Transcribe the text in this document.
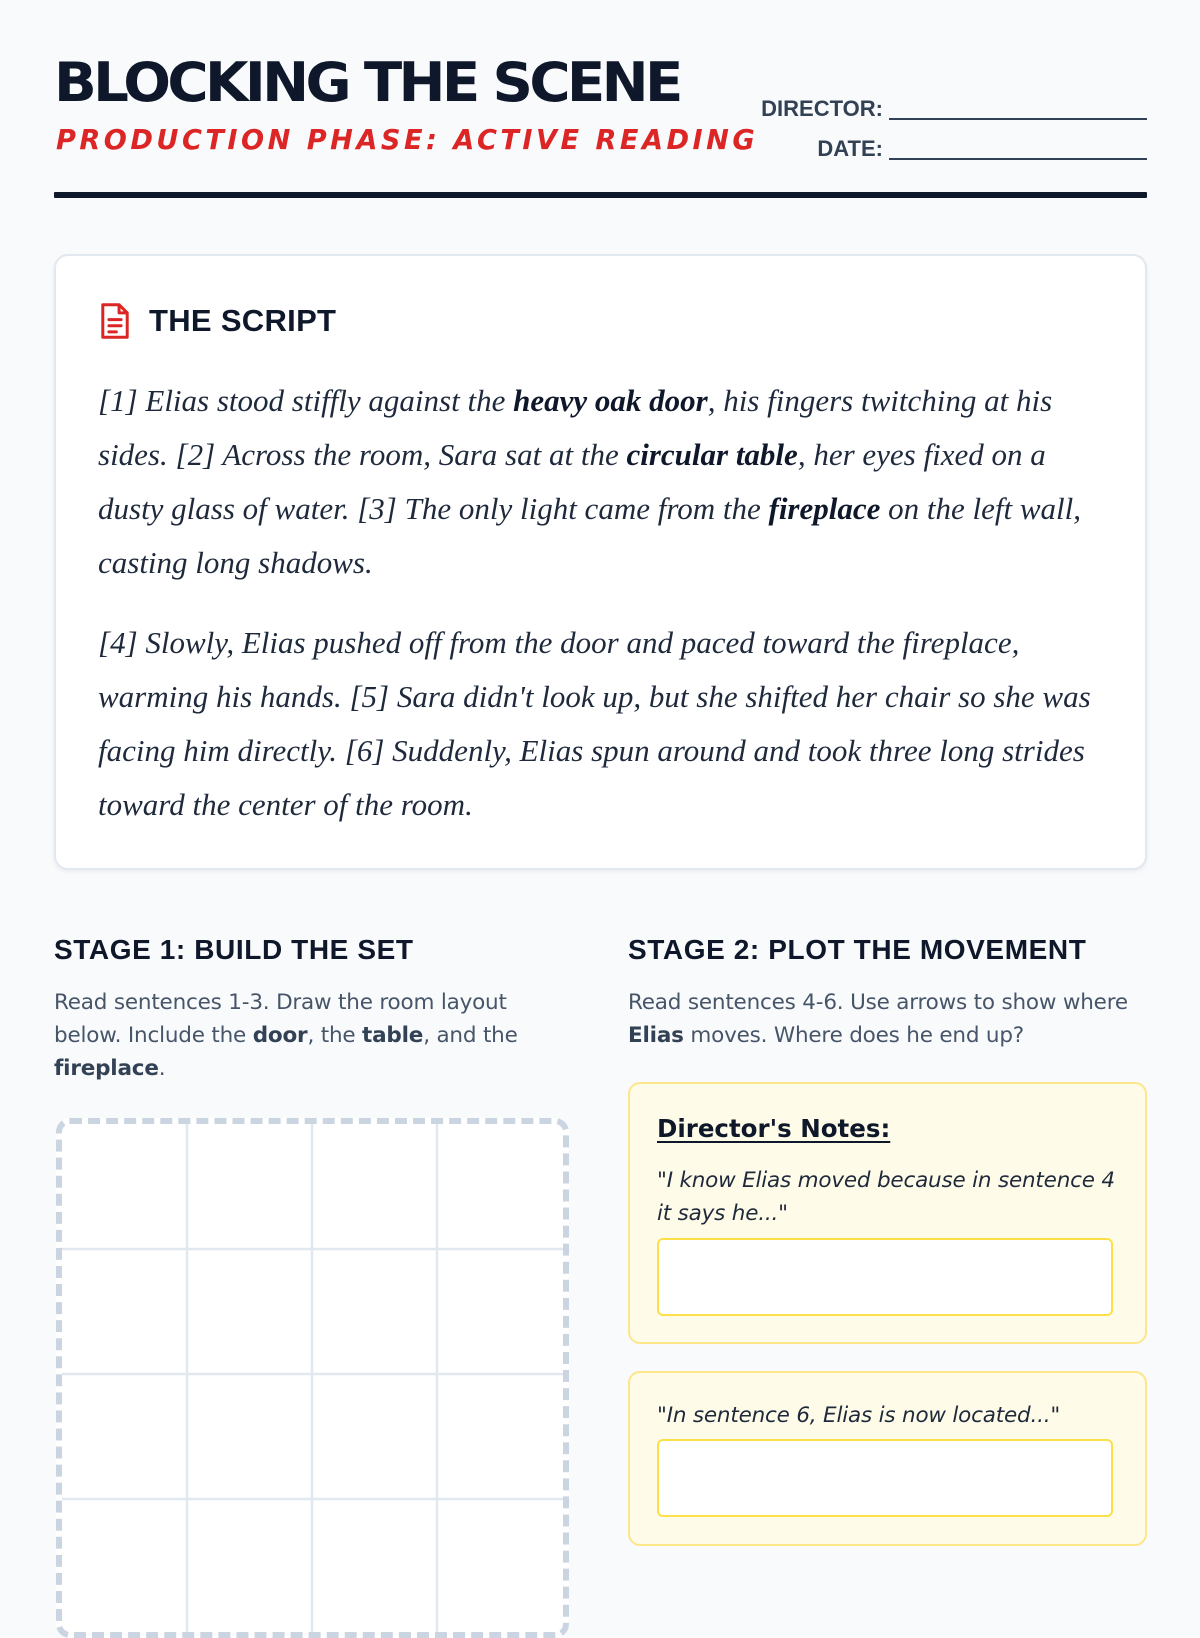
BLOCKING THE SCENE
PRODUCTION PHASE: ACTIVE READING
DIRECTOR:
DATE:
THE SCRIPT

[1] Elias stood stiffly against the heavy oak door, his fingers twitching at his sides. [2] Across the room, Sara sat at the circular table, her eyes fixed on a dusty glass of water. [3] The only light came from the fireplace on the left wall, casting long shadows.

[4] Slowly, Elias pushed off from the door and paced toward the fireplace, warming his hands. [5] Sara didn't look up, but she shifted her chair so she was facing him directly. [6] Suddenly, Elias spun around and took three long strides toward the center of the room.

STAGE 1: BUILD THE SET

Read sentences 1-3. Draw the room layout below. Include the door, the table, and the fireplace.

STAGE 2: PLOT THE MOVEMENT

Read sentences 4-6. Use arrows to show where Elias moves. Where does he end up?

Director's Notes:

"I know Elias moved because in sentence 4 it says he..."

"In sentence 6, Elias is now located..."
